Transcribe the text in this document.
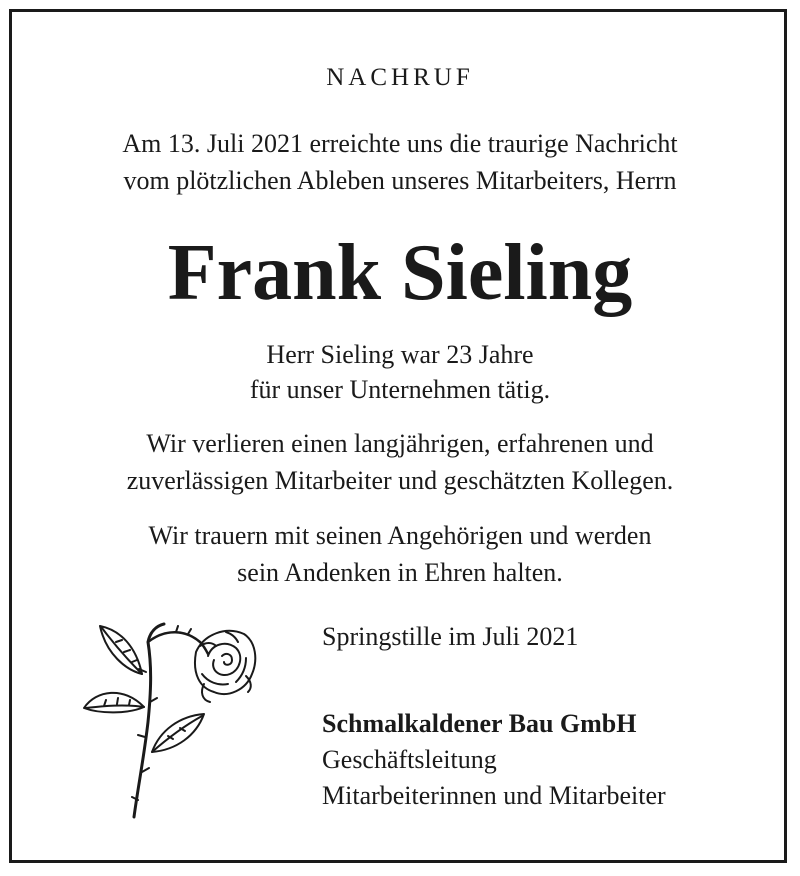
NACHRUF
Am 13. Juli 2021 erreichte uns die traurige Nachricht
vom plötzlichen Ableben unseres Mitarbeiters, Herrn
Frank Sieling
Herr Sieling war 23 Jahre
für unser Unternehmen tätig.
Wir verlieren einen langjährigen, erfahrenen und
zuverlässigen Mitarbeiter und geschätzten Kollegen.
Wir trauern mit seinen Angehörigen und werden
sein Andenken in Ehren halten.
Springstille im Juli 2021
Schmalkaldener Bau GmbH
Geschäftsleitung
Mitarbeiterinnen und Mitarbeiter
